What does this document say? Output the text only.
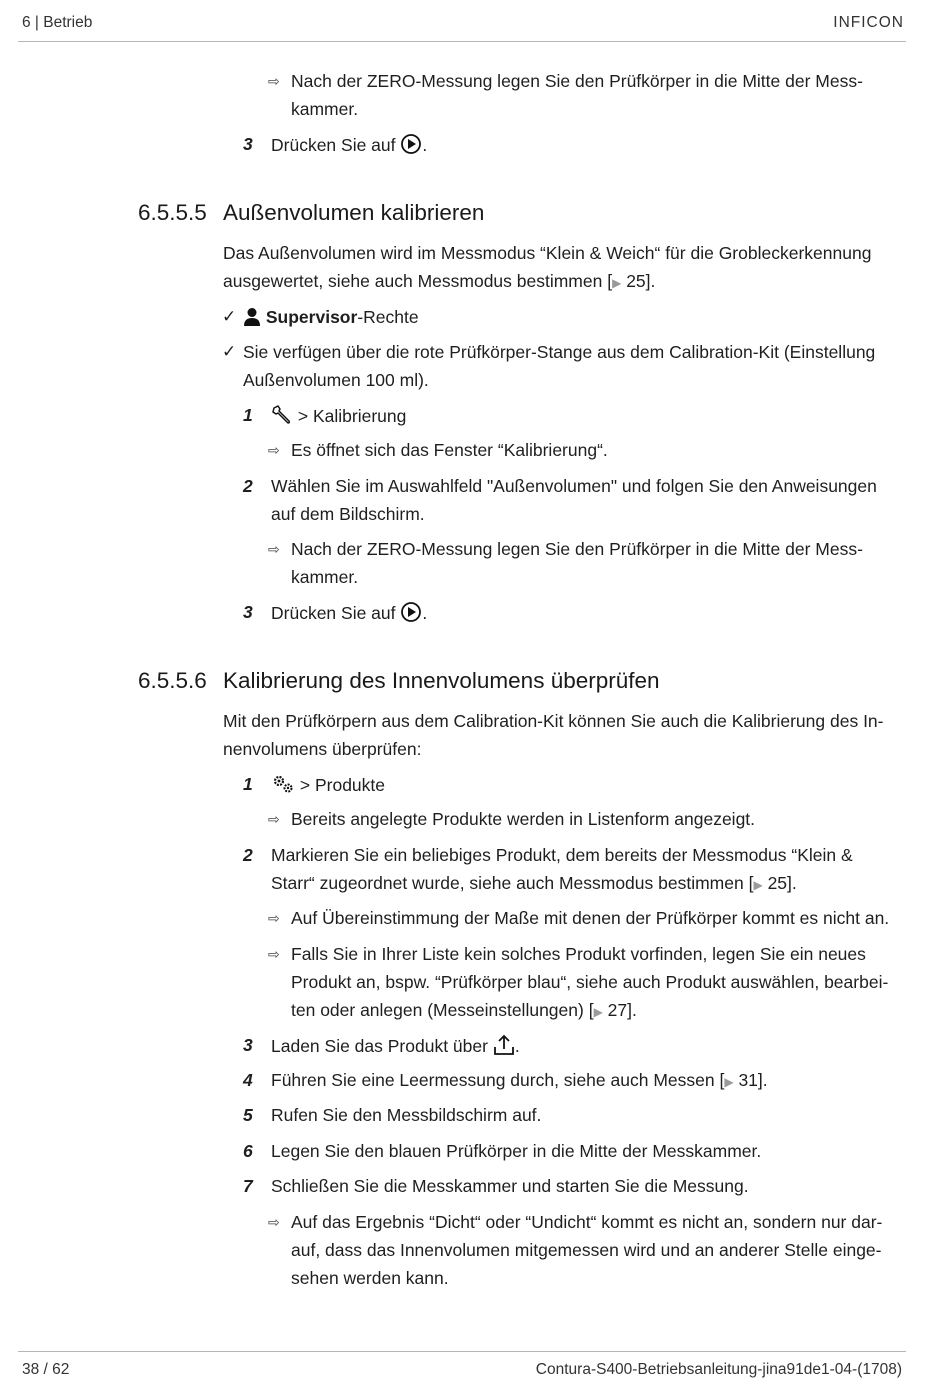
6 | Betrieb	INFICON
⇨ Nach der ZERO-Messung legen Sie den Prüfkörper in die Mitte der Mess-
kammer.
3 Drücken Sie auf .
6.5.5.5 Außenvolumen kalibrieren
Das Außenvolumen wird im Messmodus “Klein & Weich“ für die Grobleckerkennung
ausgewertet, siehe auch Messmodus bestimmen [▶ 25].
✓	Supervisor-Rechte
✓ Sie verfügen über die rote Prüfkörper-Stange aus dem Calibration-Kit (Einstellung
Außenvolumen 100 ml).
1	> Kalibrierung
⇨ Es öffnet sich das Fenster “Kalibrierung“.
2 Wählen Sie im Auswahlfeld "Außenvolumen" und folgen Sie den Anweisungen
auf dem Bildschirm.
⇨ Nach der ZERO-Messung legen Sie den Prüfkörper in die Mitte der Mess-
kammer.
3 Drücken Sie auf .
6.5.5.6 Kalibrierung des Innenvolumens überprüfen
Mit den Prüfkörpern aus dem Calibration-Kit können Sie auch die Kalibrierung des In-
nenvolumens überprüfen:
1	> Produkte
⇨ Bereits angelegte Produkte werden in Listenform angezeigt.
2 Markieren Sie ein beliebiges Produkt, dem bereits der Messmodus “Klein &
Starr“ zugeordnet wurde, siehe auch Messmodus bestimmen [▶ 25].
⇨ Auf Übereinstimmung der Maße mit denen der Prüfkörper kommt es nicht an.
⇨ Falls Sie in Ihrer Liste kein solches Produkt vorfinden, legen Sie ein neues
Produkt an, bspw. “Prüfkörper blau“, siehe auch Produkt auswählen, bearbei-
ten oder anlegen (Messeinstellungen) [▶ 27].
3 Laden Sie das Produkt über .
4 Führen Sie eine Leermessung durch, siehe auch Messen [▶ 31].
5 Rufen Sie den Messbildschirm auf.
6 Legen Sie den blauen Prüfkörper in die Mitte der Messkammer.
7 Schließen Sie die Messkammer und starten Sie die Messung.
⇨ Auf das Ergebnis “Dicht“ oder “Undicht“ kommt es nicht an, sondern nur dar-
auf, dass das Innenvolumen mitgemessen wird und an anderer Stelle einge-
sehen werden kann.
38 / 62	Contura-S400-Betriebsanleitung-jina91de1-04-(1708)
